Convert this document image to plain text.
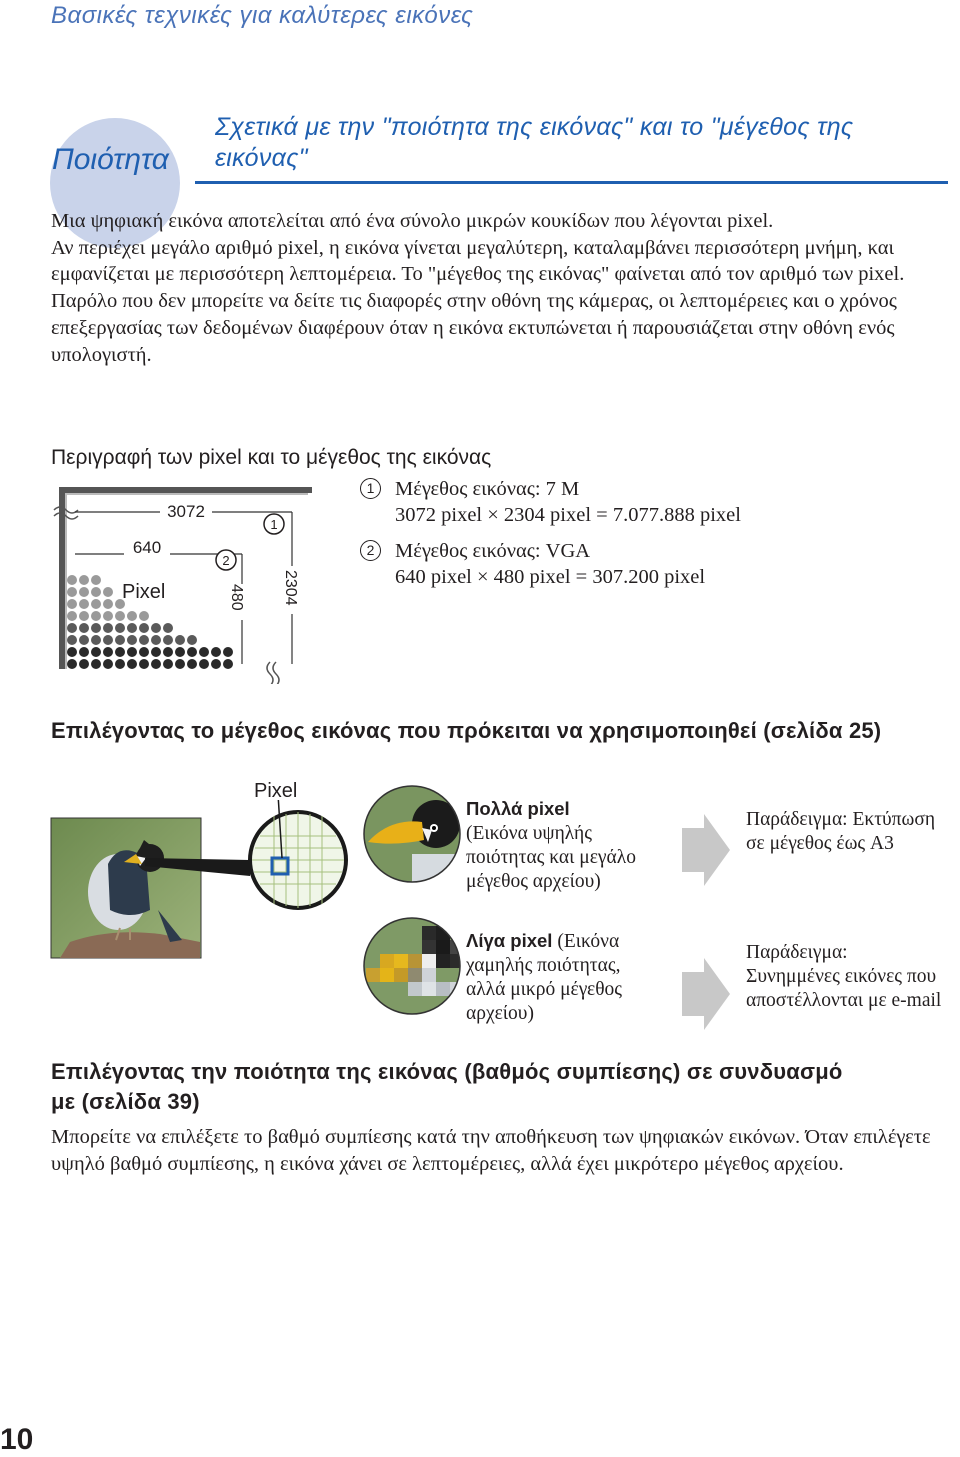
Βασικές τεχνικές για καλύτερες εικόνες
Ποιότητα
Σχετικά με την "ποιότητα της εικόνας" και το "μέγεθος της εικόνας"

Μια ψηφιακή εικόνα αποτελείται από ένα σύνολο μικρών κουκίδων που λέγονται pixel.

Αν περιέχει μεγάλο αριθμό pixel, η εικόνα γίνεται μεγαλύτερη, καταλαμβάνει περισσότερη μνήμη, και εμφανίζεται με περισσότερη λεπτομέρεια. Το "μέγεθος της εικόνας" φαίνεται από τον αριθμό των pixel. Παρόλο που δεν μπορείτε να δείτε τις διαφορές στην οθόνη της κάμερας, οι λεπτομέρειες και ο χρόνος επεξεργασίας των δεδομένων διαφέρουν όταν η εικόνα εκτυπώνεται ή παρουσιάζεται στην οθόνη ενός υπολογιστή.

Περιγραφή των pixel και το μέγεθος της εικόνας
3072
640
Pixel	480 2304
1
2
1 Μέγεθος εικόνας: 7 M
3072 pixel × 2304 pixel = 7.077.888 pixel
2 Μέγεθος εικόνας: VGA
640 pixel × 480 pixel = 307.200 pixel
Επιλέγοντας το μέγεθος εικόνας που πρόκειται να χρησιμοποιηθεί (σελίδα 25)
Pixel
Πολλά pixel
(Εικόνα υψηλής ποιότητας και μεγάλο μέγεθος αρχείου)
Λίγα pixel (Εικόνα χαμηλής ποιότητας, αλλά μικρό μέγεθος αρχείου)
Παράδειγμα: Εκτύπωση σε μέγεθος έως A3
Παράδειγμα: Συνημμένες εικόνες που αποστέλλονται με e-mail
Επιλέγοντας την ποιότητα της εικόνας (βαθμός συμπίεσης) σε συνδυασμό με (σελίδα 39)
Μπορείτε να επιλέξετε το βαθμό συμπίεσης κατά την αποθήκευση των ψηφιακών εικόνων. Όταν επιλέγετε υψηλό βαθμό συμπίεσης, η εικόνα χάνει σε λεπτομέρειες, αλλά έχει μικρότερο μέγεθος αρχείου.
10
